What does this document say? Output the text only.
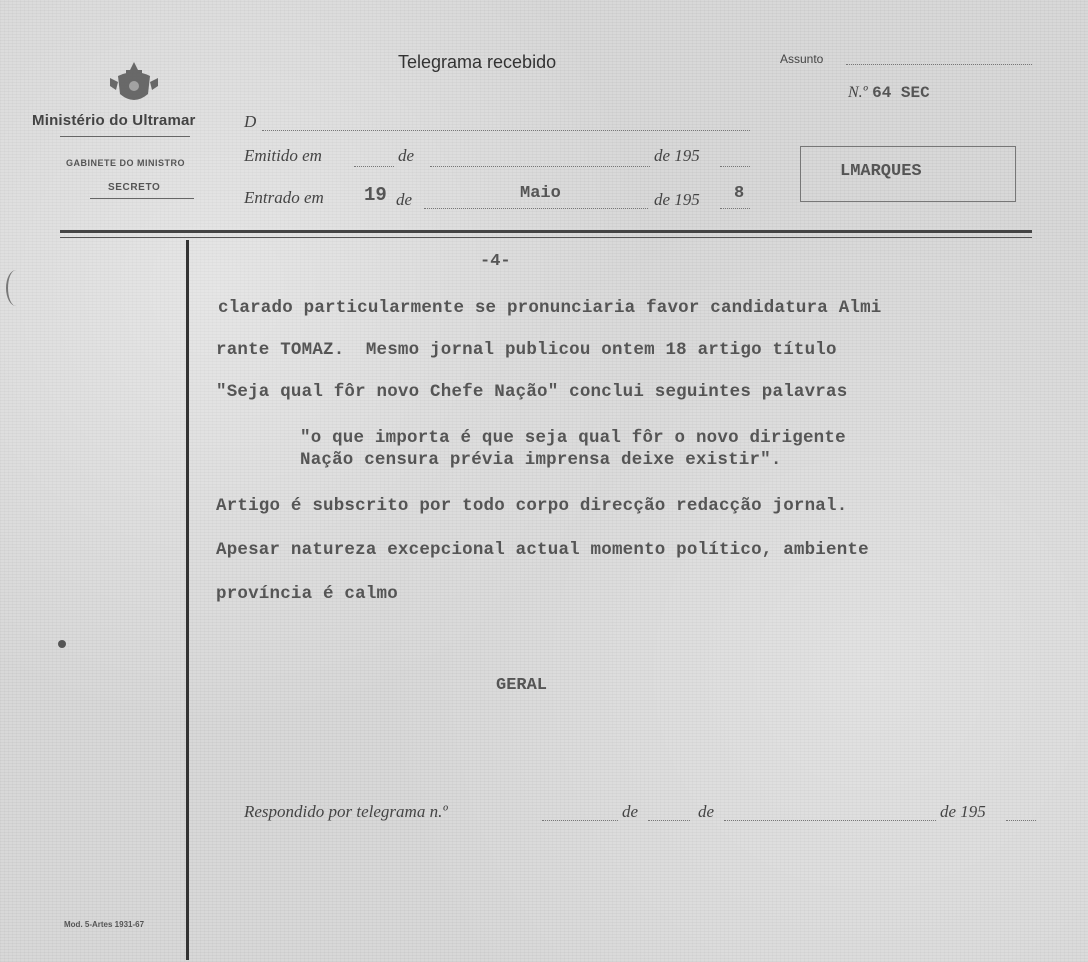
Ministério do Ultramar
GABINETE DO MINISTRO
SECRETO
Telegrama recebido
D
Emitido em	de	de 195
Entrado em 19 de	Maio	de 195 8
Assunto
N.º 64 SEC
LMARQUES
-4-
clarado particularmente se pronunciaria favor candidatura Almi
rante TOMAZ.  Mesmo jornal publicou ontem 18 artigo título
"Seja qual fôr novo Chefe Nação" conclui seguintes palavras
"o que importa é que seja qual fôr o novo dirigente
Nação censura prévia imprensa deixe existir".
Artigo é subscrito por todo corpo direcção redacção jornal.
Apesar natureza excepcional actual momento político, ambiente
província é calmo
GERAL
Respondido por telegrama n.º	de	de	de 195
Mod. 5-Artes 1931-67
